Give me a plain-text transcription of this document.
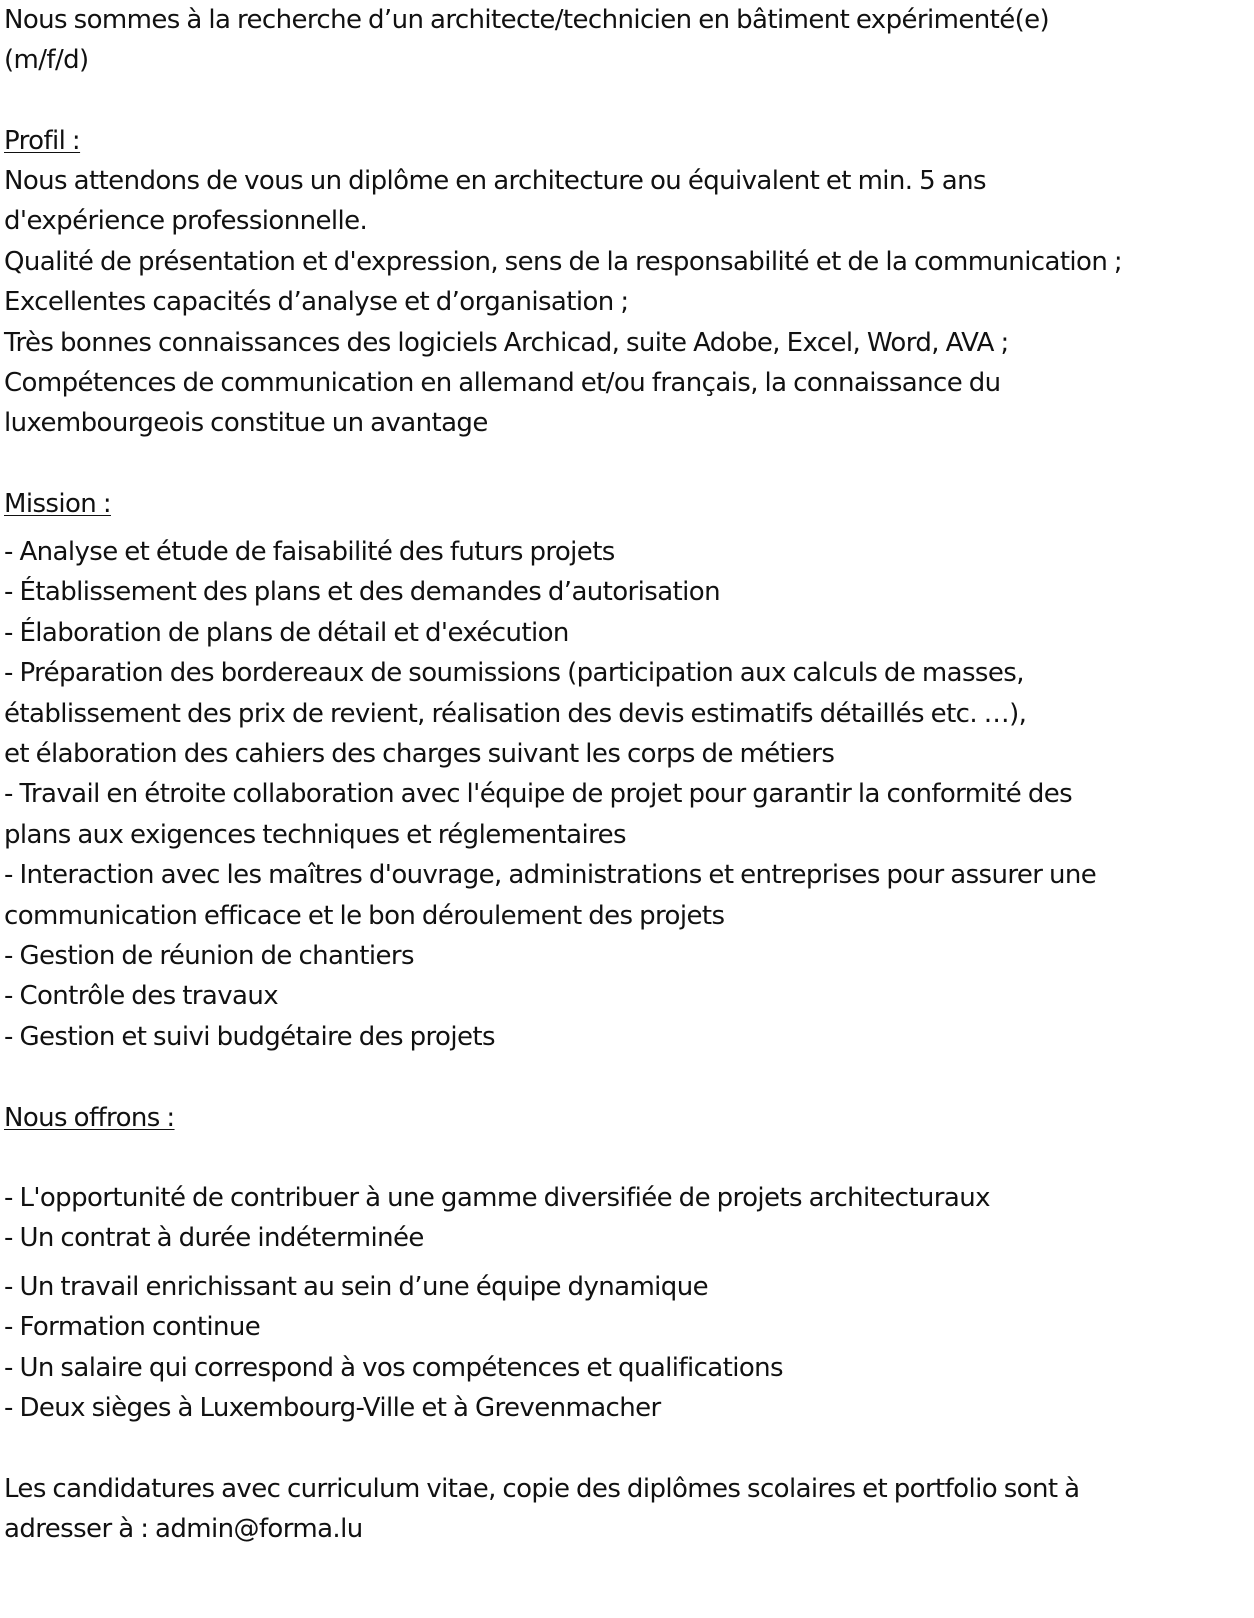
Nous sommes à la recherche d’un architecte/technicien en bâtiment expérimenté(e)
(m/f/d)
Profil :
Nous attendons de vous un diplôme en architecture ou équivalent et min. 5 ans
d'expérience professionnelle.
Qualité de présentation et d'expression, sens de la responsabilité et de la communication ;
Excellentes capacités d’analyse et d’organisation ;
Très bonnes connaissances des logiciels Archicad, suite Adobe, Excel, Word, AVA ;
Compétences de communication en allemand et/ou français, la connaissance du
luxembourgeois constitue un avantage
Mission :
- Analyse et étude de faisabilité des futurs projets
- Établissement des plans et des demandes d’autorisation
- Élaboration de plans de détail et d'exécution
- Préparation des bordereaux de soumissions (participation aux calculs de masses,
établissement des prix de revient, réalisation des devis estimatifs détaillés etc. …),
et élaboration des cahiers des charges suivant les corps de métiers
- Travail en étroite collaboration avec l'équipe de projet pour garantir la conformité des
plans aux exigences techniques et réglementaires
- Interaction avec les maîtres d'ouvrage, administrations et entreprises pour assurer une
communication efficace et le bon déroulement des projets
- Gestion de réunion de chantiers
- Contrôle des travaux
- Gestion et suivi budgétaire des projets
Nous offrons :
- L'opportunité de contribuer à une gamme diversifiée de projets architecturaux
- Un contrat à durée indéterminée
- Un travail enrichissant au sein d’une équipe dynamique
- Formation continue
- Un salaire qui correspond à vos compétences et qualifications
- Deux sièges à Luxembourg-Ville et à Grevenmacher
Les candidatures avec curriculum vitae, copie des diplômes scolaires et portfolio sont à
adresser à : admin@forma.lu
